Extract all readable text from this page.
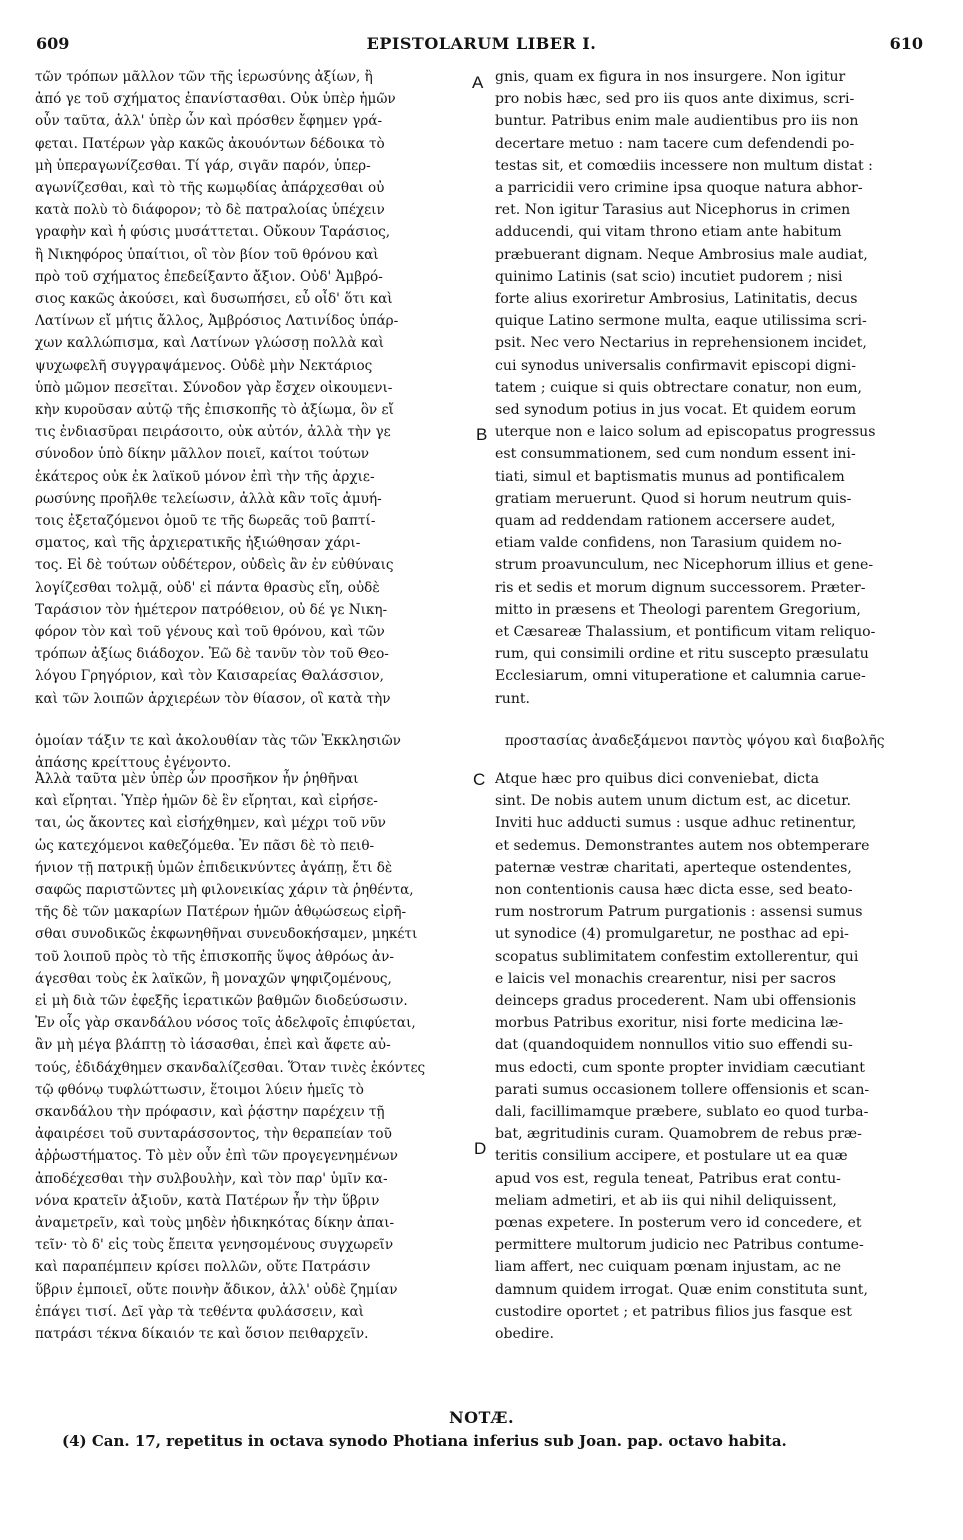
609	EPISTOLARUM LIBER I.	610
τῶν τρόπων μᾶλλον τῶν τῆς ἱερωσύνης ἀξίων, ἢ
ἀπό γε τοῦ σχήματος ἐπανίστασθαι. Οὐκ ὑπὲρ ἡμῶν
οὖν ταῦτα, ἀλλ' ὑπὲρ ὧν καὶ πρόσθεν ἔφημεν γρά-
φεται. Πατέρων γὰρ κακῶς ἀκουόντων δέδοικα τὸ
μὴ ὑπεραγωνίζεσθαι. Τί γάρ, σιγᾶν παρόν, ὑπερ-
αγωνίζεσθαι, καὶ τὸ τῆς κωμῳδίας ἀπάρχεσθαι οὐ
κατὰ πολὺ τὸ διάφορον; τὸ δὲ πατραλοίας ὑπέχειν
γραφὴν καὶ ἡ φύσις μυσάττεται. Οὔκουν Ταράσιος,
ἢ Νικηφόρος ὑπαίτιοι, οἳ τὸν βίον τοῦ θρόνου καὶ
πρὸ τοῦ σχήματος ἐπεδείξαντο ἄξιον. Οὐδ' Ἀμβρό-
σιος κακῶς ἀκούσει, καὶ δυσωπήσει, εὖ οἶδ' ὅτι καὶ
Λατίνων εἴ μήτις ἄλλος, Ἀμβρόσιος Λατινίδος ὑπάρ-
χων καλλώπισμα, καὶ Λατίνων γλώσσῃ πολλὰ καὶ
ψυχωφελῆ συγγραψάμενος. Οὐδὲ μὴν Νεκτάριος
ὑπὸ μῶμον πεσεῖται. Σύνοδον γὰρ ἔσχεν οἰκουμενι-
κὴν κυροῦσαν αὐτῷ τῆς ἐπισκοπῆς τὸ ἀξίωμα, ὃν εἴ
τις ἐνδιασῦραι πειράσοιτο, οὐκ αὐτόν, ἀλλὰ τὴν γε
σύνοδον ὑπὸ δίκην μᾶλλον ποιεῖ, καίτοι τούτων
ἑκάτερος οὐκ ἐκ λαϊκοῦ μόνον ἐπὶ τὴν τῆς ἀρχιε-
ρωσύνης προῆλθε τελείωσιν, ἀλλὰ κἂν τοῖς ἀμυή-
τοις ἐξεταζόμενοι ὁμοῦ τε τῆς δωρεᾶς τοῦ βαπτί-
σματος, καὶ τῆς ἀρχιερατικῆς ἠξιώθησαν χάρι-
τος. Εἰ δὲ τούτων οὐδέτερον, οὐδεὶς ἂν ἐν εὐθύναις
λογίζεσθαι τολμᾷ, οὐδ' εἰ πάντα θρασὺς εἴη, οὐδὲ
Ταράσιον τὸν ἡμέτερον πατρόθειον, οὐ δέ γε Νικη-
φόρον τὸν καὶ τοῦ γένους καὶ τοῦ θρόνου, καὶ τῶν
τρόπων ἀξίως διάδοχον. Ἐῶ δὲ τανῦν τὸν τοῦ Θεο-
λόγου Γρηγόριον, καὶ τὸν Καισαρείας Θαλάσσιον,
καὶ τῶν λοιπῶν ἀρχιερέων τὸν θίασον, οἳ κατὰ τὴν
gnis, quam ex figura in nos insurgere. Non igitur
pro nobis hæc, sed pro iis quos ante diximus, scri-
buntur. Patribus enim male audientibus pro iis non
decertare metuo : nam tacere cum defendendi po-
testas sit, et comœdiis incessere non multum distat :
a parricidii vero crimine ipsa quoque natura abhor-
ret. Non igitur Tarasius aut Nicephorus in crimen
adducendi, qui vitam throno etiam ante habitum
præbuerant dignam. Neque Ambrosius male audiat,
quinimo Latinis (sat scio) incutiet pudorem ; nisi
forte alius exoriretur Ambrosius, Latinitatis, decus
quique Latino sermone multa, eaque utilissima scri-
psit. Nec vero Nectarius in reprehensionem incidet,
cui synodus universalis confirmavit episcopi digni-
tatem ; cuique si quis obtrectare conatur, non eum,
sed synodum potius in jus vocat. Et quidem eorum
uterque non e laico solum ad episcopatus progressus
est consummationem, sed cum nondum essent ini-
tiati, simul et baptismatis munus ad pontificalem
gratiam meruerunt. Quod si horum neutrum quis-
quam ad reddendam rationem accersere audet,
etiam valde confidens, non Tarasium quidem no-
strum proavunculum, nec Nicephorum illius et gene-
ris et sedis et morum dignum successorem. Præter-
mitto in præsens et Theologi parentem Gregorium,
et Cæsareæ Thalassium, et pontificum vitam reliquo-
rum, qui consimili ordine et ritu suscepto præsulatu
Ecclesiarum, omni vituperatione et calumnia carue-
runt.
A
B
ὁμοίαν τάξιν τε καὶ ἀκολουθίαν τὰς τῶν Ἐκκλησιῶν	προστασίας ἀναδεξάμενοι παντὸς ψόγου καὶ διαβολῆς
ἁπάσης κρείττους ἐγένοντο.
Ἀλλὰ ταῦτα μὲν ὑπὲρ ὧν προσῆκον ἦν ῥηθῆναι
καὶ εἴρηται. Ὑπὲρ ἡμῶν δὲ ἓν εἴρηται, καὶ εἰρήσε-
ται, ὡς ἄκοντες καὶ εἰσήχθημεν, καὶ μέχρι τοῦ νῦν
ὡς κατεχόμενοι καθεζόμεθα. Ἐν πᾶσι δὲ τὸ πειθ-
ήνιον τῇ πατρικῇ ὑμῶν ἐπιδεικνύντες ἀγάπῃ, ἔτι δὲ
σαφῶς παριστῶντες μὴ φιλονεικίας χάριν τὰ ῥηθέντα,
τῆς δὲ τῶν μακαρίων Πατέρων ἡμῶν ἀθῳώσεως εἰρῆ-
σθαι συνοδικῶς ἐκφωνηθῆναι συνευδοκήσαμεν, μηκέτι
τοῦ λοιποῦ πρὸς τὸ τῆς ἐπισκοπῆς ὕψος ἀθρόως ἀν-
άγεσθαι τοὺς ἐκ λαϊκῶν, ἢ μοναχῶν ψηφιζομένους,
εἰ μὴ διὰ τῶν ἐφεξῆς ἱερατικῶν βαθμῶν διοδεύσωσιν.
Ἐν οἷς γὰρ σκανδάλου νόσος τοῖς ἀδελφοῖς ἐπιφύεται,
ἂν μὴ μέγα βλάπτῃ τὸ ἰάσασθαι, ἐπεὶ καὶ ἄφετε αὐ-
τούς, ἐδιδάχθημεν σκανδαλίζεσθαι. Ὅταν τινὲς ἑκόντες
τῷ φθόνῳ τυφλώττωσιν, ἕτοιμοι λύειν ἡμεῖς τὸ
σκανδάλου τὴν πρόφασιν, καὶ ῥᾴστην παρέχειν τῇ
ἀφαιρέσει τοῦ συνταράσσοντος, τὴν θεραπείαν τοῦ
ἀῤῥωστήματος. Τὸ μὲν οὖν ἐπὶ τῶν προγεγενημένων
ἀποδέχεσθαι τὴν συλβουλὴν, καὶ τὸν παρ' ὑμῖν κα-
νόνα κρατεῖν ἀξιοῦν, κατὰ Πατέρων ἦν τὴν ὕβριν
ἀναμετρεῖν, καὶ τοὺς μηδὲν ἠδικηκότας δίκην ἀπαι-
τεῖν· τὸ δ' εἰς τοὺς ἔπειτα γενησομένους συγχωρεῖν
καὶ παραπέμπειν κρίσει πολλῶν, οὔτε Πατράσιν
ὕβριν ἐμποιεῖ, οὔτε ποινὴν ἄδικον, ἀλλ' οὐδὲ ζημίαν
ἐπάγει τισί. Δεῖ γὰρ τὰ τεθέντα φυλάσσειν, καὶ
πατράσι τέκνα δίκαιόν τε καὶ ὅσιον πειθαρχεῖν.
Atque hæc pro quibus dici conveniebat, dicta
sint. De nobis autem unum dictum est, ac dicetur.
Inviti huc adducti sumus : usque adhuc retinentur,
et sedemus. Demonstrantes autem nos obtemperare
paternæ vestræ charitati, aperteque ostendentes,
non contentionis causa hæc dicta esse, sed beato-
rum nostrorum Patrum purgationis : assensi sumus
ut synodice (4) promulgaretur, ne posthac ad epi-
scopatus sublimitatem confestim extollerentur, qui
e laicis vel monachis crearentur, nisi per sacros
deinceps gradus procederent. Nam ubi offensionis
morbus Patribus exoritur, nisi forte medicina læ-
dat (quandoquidem nonnullos vitio suo effendi su-
mus edocti, cum sponte propter invidiam cæcutiant
parati sumus occasionem tollere offensionis et scan-
dali, facillimamque præbere, sublato eo quod turba-
bat, ægritudinis curam. Quamobrem de rebus præ-
teritis consilium accipere, et postulare ut ea quæ
apud vos est, regula teneat, Patribus erat contu-
meliam admetiri, et ab iis qui nihil deliquissent,
pœnas expetere. In posterum vero id concedere, et
permittere multorum judicio nec Patribus contume-
liam affert, nec cuiquam pœnam injustam, ac ne
damnum quidem irrogat. Quæ enim constituta sunt,
custodire oportet ; et patribus filios jus fasque est
obedire.
C
D
NOTÆ.
(4) Can. 17, repetitus in octava synodo Photiana inferius sub Joan. pap. octavo habita.
